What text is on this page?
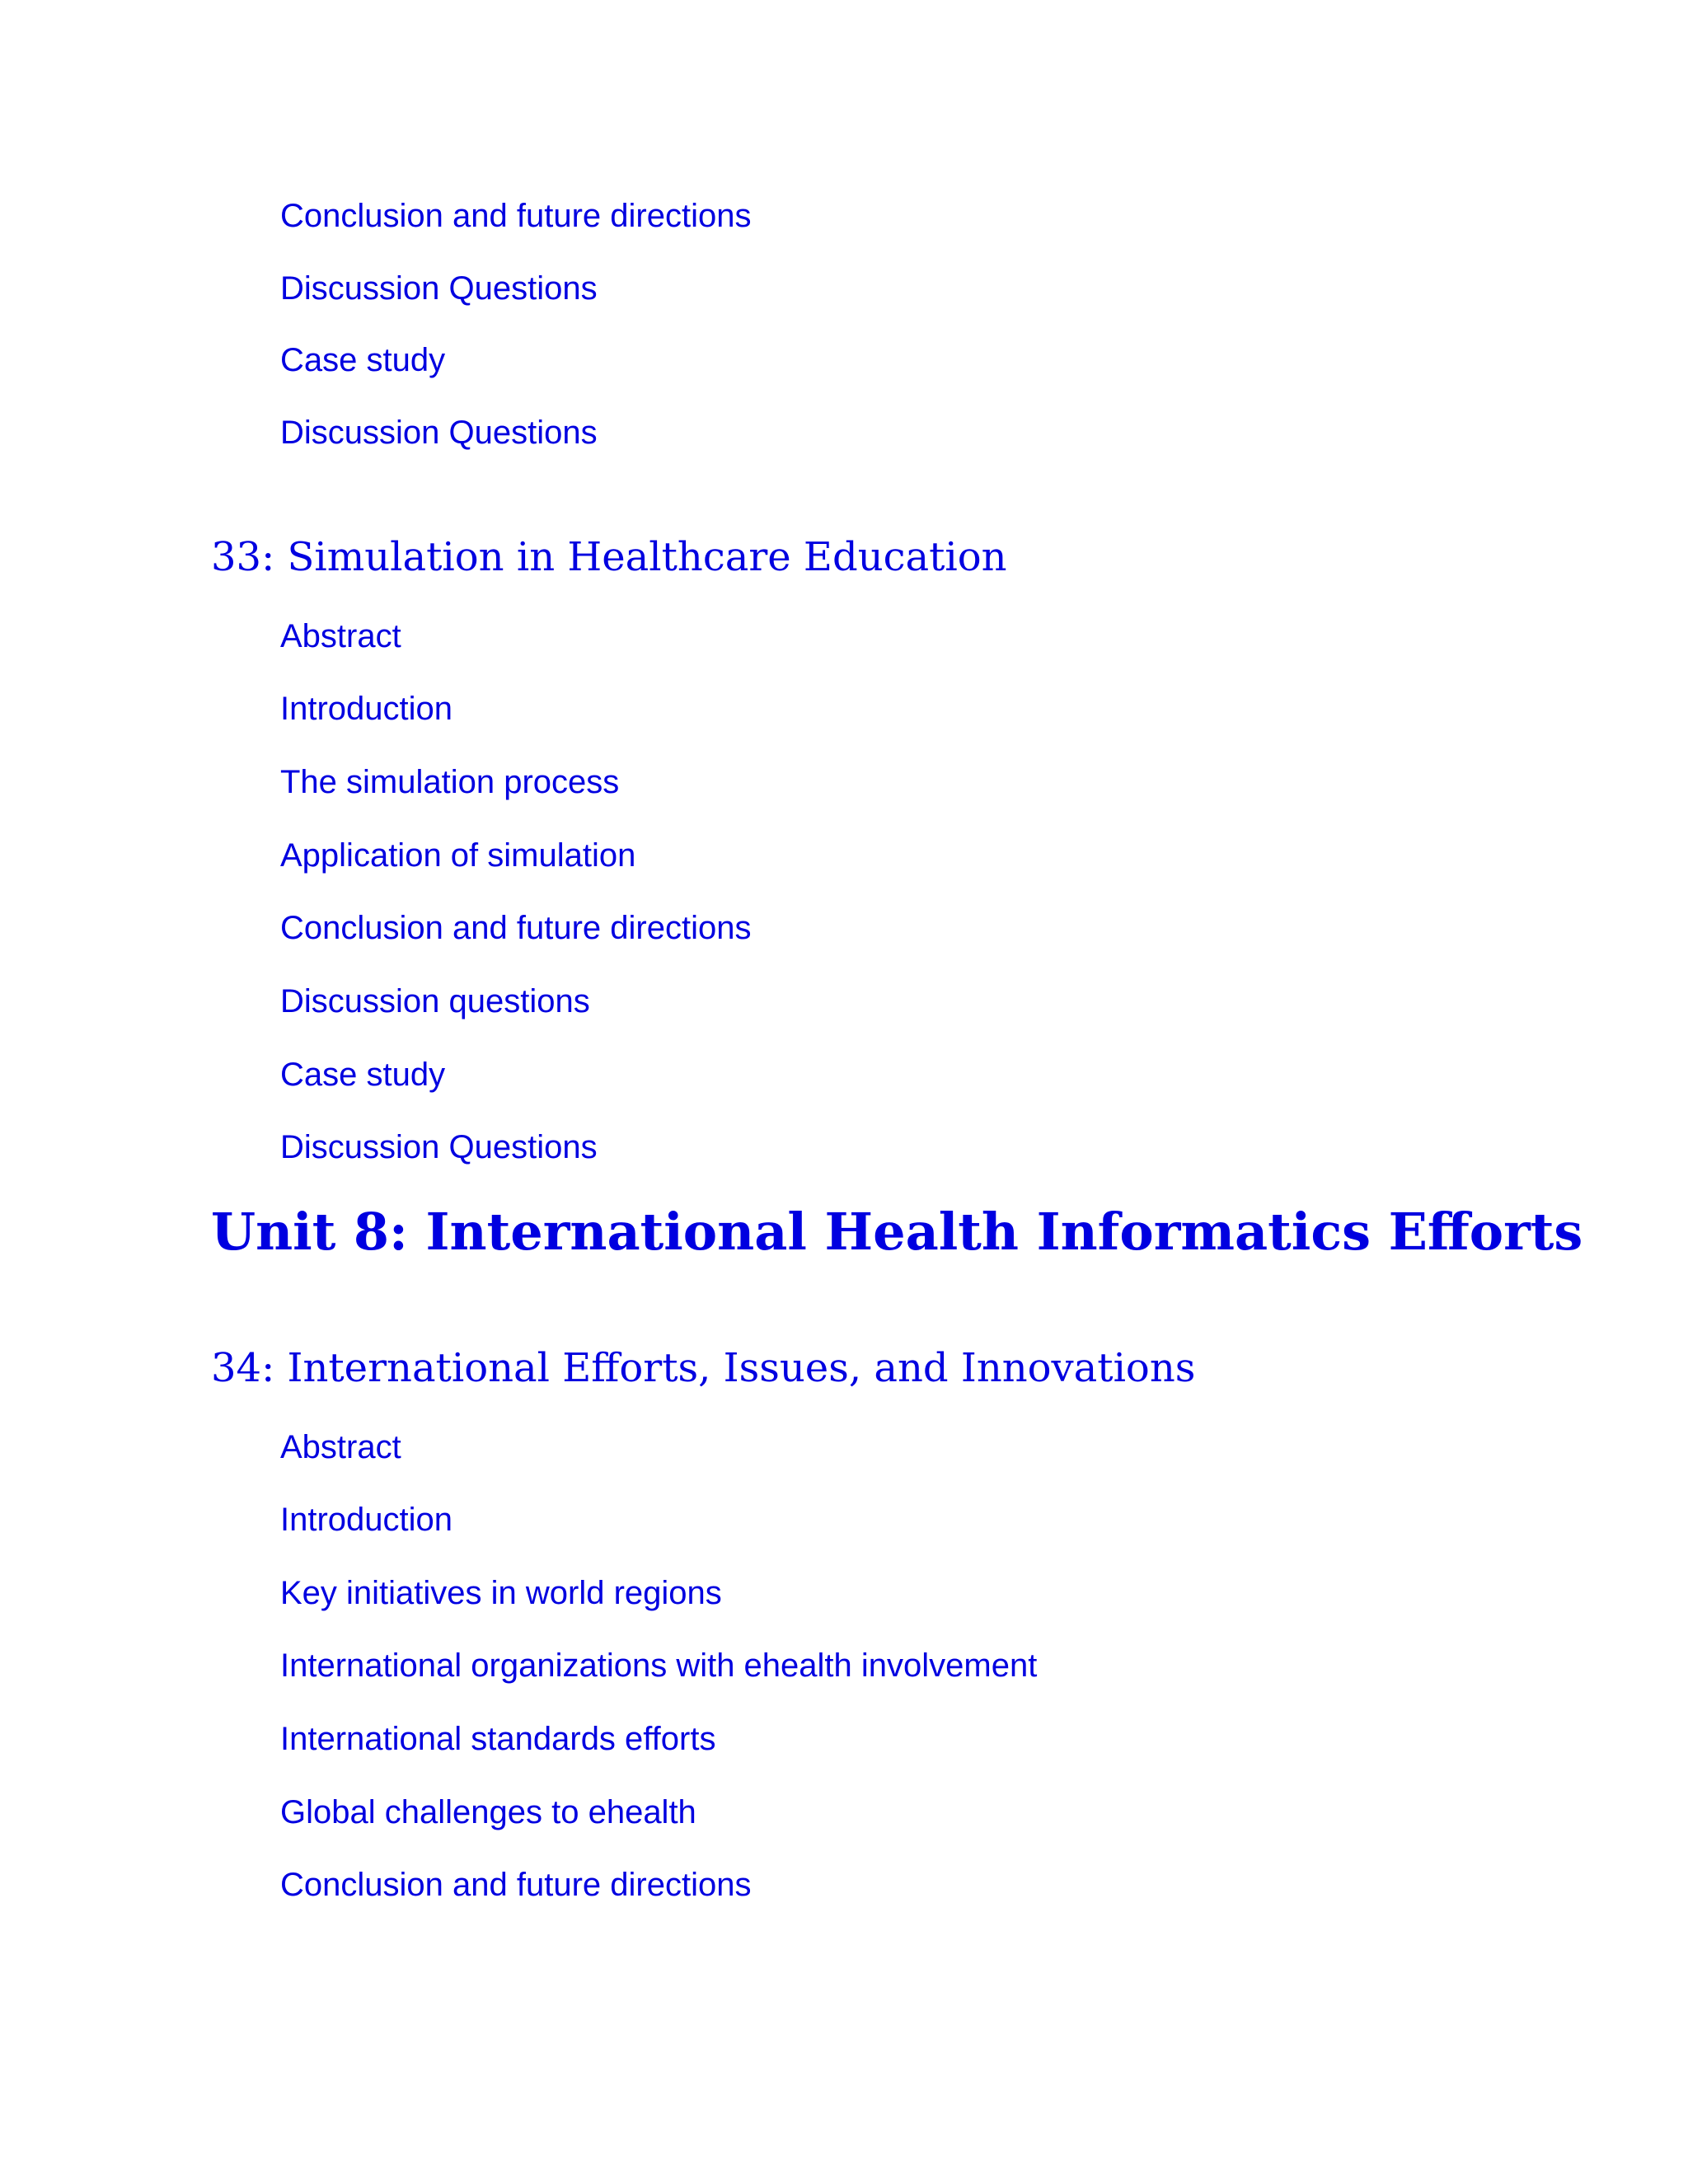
Conclusion and future directions
Discussion Questions
Case study
Discussion Questions
33: Simulation in Healthcare Education
Abstract
Introduction
The simulation process
Application of simulation
Conclusion and future directions
Discussion questions
Case study
Discussion Questions
Unit 8: International Health Informatics Efforts
34: International Efforts, Issues, and Innovations
Abstract
Introduction
Key initiatives in world regions
International organizations with ehealth involvement
International standards efforts
Global challenges to ehealth
Conclusion and future directions
